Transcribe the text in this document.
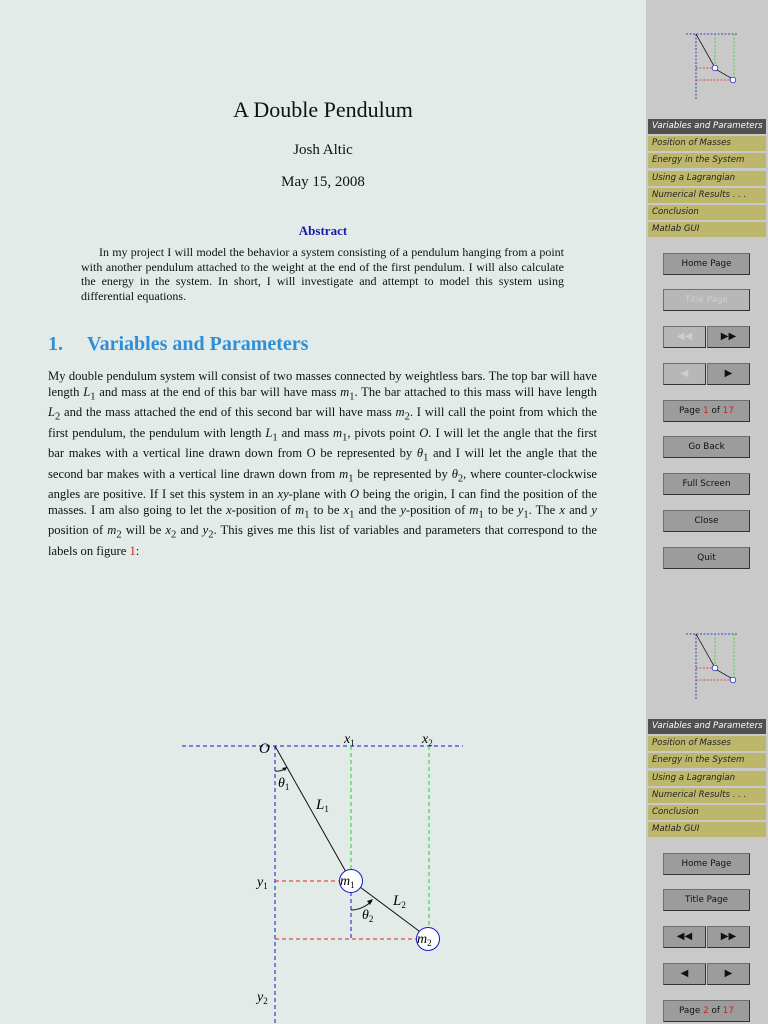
A Double Pendulum
Josh Altic
May 15, 2008
Abstract
In my project I will model the behavior a system consisting of a pendulum hanging from a point with another pendulum attached to the weight at the end of the first pendulum. I will also calculate the energy in the system. In short, I will investigate and attempt to model this system using differential equations.
1. Variables and Parameters
My double pendulum system will consist of two masses connected by weightless bars. The top bar will have length $L_1$ and mass at the end of this bar will have mass $m_1$. The bar attached to this mass will have length $L_2$ and the mass attached the end of this second bar will have mass $m_2$. I will call the point from which the first pendulum, the pendulum with length $L_1$ and mass $m_1$, pivots point O. I will let the angle that the first bar makes with a vertical line drawn down from O be represented by $\theta_1$ and I will let the angle that the second bar makes with a vertical line drawn down from $m_1$ be represented by $\theta_2$, where counter-clockwise angles are positive. If I set this system in an xy-plane with O being the origin, I can find the position of the masses. I am also going to let the x-position of $m_1$ to be $x_1$ and the y-position of $m_1$ to be $y_1$. The x and y position of $m_2$ will be $x_2$ and $y_2$. This gives me this list of variables and parameters that correspond to the labels on figure 1:
O
$x_1$	$x_2$
$y_1$
$y_2$
$L_1$
$L_2$
$\theta_1$
$\theta_2$
$m_1$
$m_2$
Variables and Parameters
Position of Masses
Energy in the System
Using a Lagrangian
Numerical Results . . .
Conclusion
Matlab GUI
Home Page
Title Page
◀◀	▶▶
◀	▶
Page 1 of 17
Go Back
Full Screen
Close
Quit
Variables and Parameters
Position of Masses
Energy in the System
Using a Lagrangian
Numerical Results . . .
Conclusion
Matlab GUI
Home Page
Title Page
◀◀	▶▶
◀	▶
Page 2 of 17
